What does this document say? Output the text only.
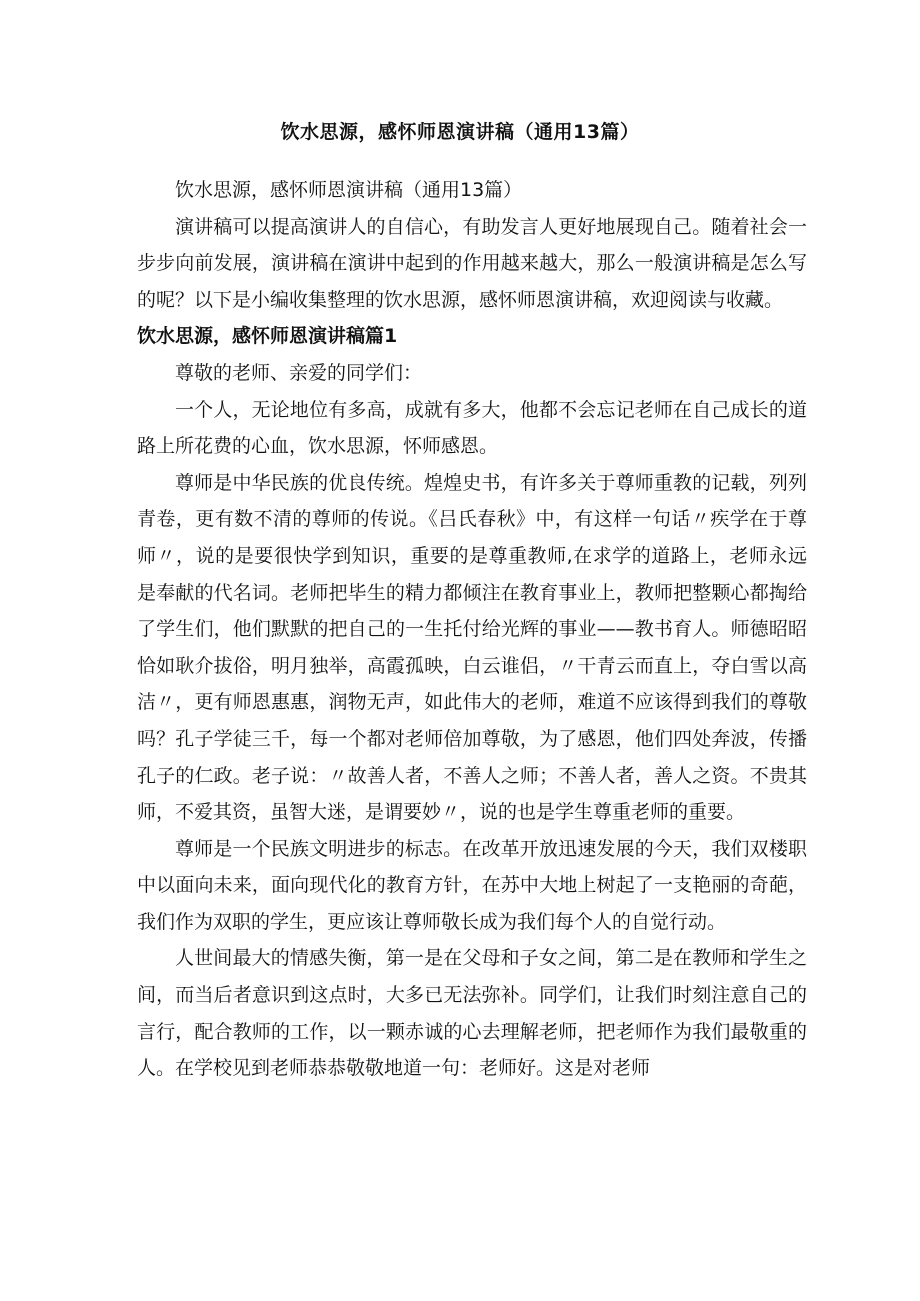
饮水思源，感怀师恩演讲稿（通用13篇）

饮水思源，感怀师恩演讲稿（通用13篇）

演讲稿可以提高演讲人的自信心，有助发言人更好地展现自己。随着社会一步步向前发展，演讲稿在演讲中起到的作用越来越大，那么一般演讲稿是怎么写的呢？以下是小编收集整理的饮水思源，感怀师恩演讲稿，欢迎阅读与收藏。

饮水思源，感怀师恩演讲稿篇1

尊敬的老师、亲爱的同学们：

一个人，无论地位有多高，成就有多大，他都不会忘记老师在自己成长的道路上所花费的心血，饮水思源，怀师感恩。

尊师是中华民族的优良传统。煌煌史书，有许多关于尊师重教的记载，列列青卷，更有数不清的尊师的传说。《吕氏春秋》中，有这样一句话〃疾学在于尊师〃，说的是要很快学到知识，重要的是尊重教师,在求学的道路上，老师永远是奉献的代名词。老师把毕生的精力都倾注在教育事业上，教师把整颗心都掏给了学生们，他们默默的把自己的一生托付给光辉的事业——教书育人。师德昭昭恰如耿介拔俗，明月独举，高霞孤映，白云谁侣，〃干青云而直上，夺白雪以高洁〃，更有师恩惠惠，润物无声，如此伟大的老师，难道不应该得到我们的尊敬吗？孔子学徒三千，每一个都对老师倍加尊敬，为了感恩，他们四处奔波，传播孔子的仁政。老子说：〃故善人者，不善人之师；不善人者，善人之资。不贵其师，不爱其资，虽智大迷，是谓要妙〃，说的也是学生尊重老师的重要。

尊师是一个民族文明进步的标志。在改革开放迅速发展的今天，我们双楼职中以面向未来，面向现代化的教育方针，在苏中大地上树起了一支艳丽的奇葩，我们作为双职的学生，更应该让尊师敬长成为我们每个人的自觉行动。

人世间最大的情感失衡，第一是在父母和子女之间，第二是在教师和学生之间，而当后者意识到这点时，大多已无法弥补。同学们，让我们时刻注意自己的言行，配合教师的工作，以一颗赤诚的心去理解老师，把老师作为我们最敬重的人。在学校见到老师恭恭敬敬地道一句：老师好。这是对老师
